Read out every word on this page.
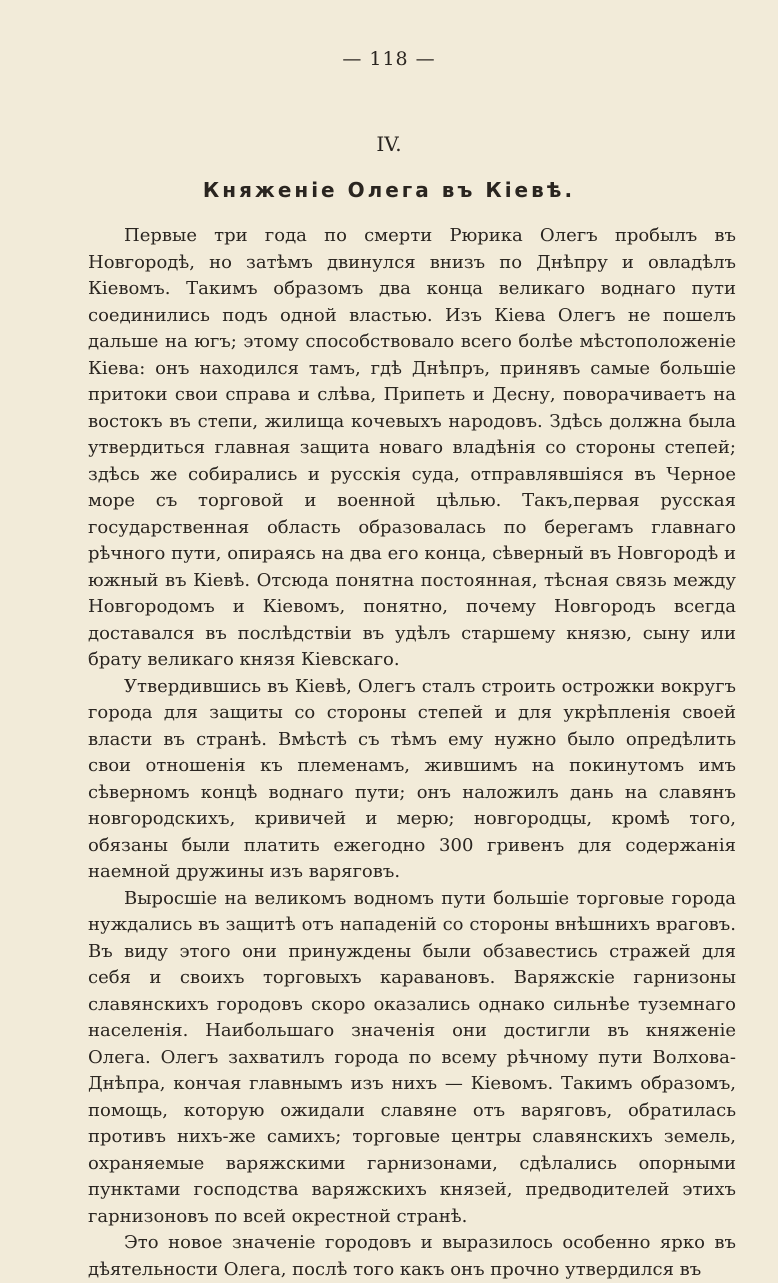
— 118 —
IV.
Княженіе Олега въ Кіевѣ.

Первые три года по смерти Рюрика Олегъ пробылъ въ Новгородѣ, но затѣмъ двинулся внизъ по Днѣпру и овладѣлъ Кіевомъ. Такимъ образомъ два конца великаго воднаго пути соединились подъ одной властью. Изъ Кіева Олегъ не пошелъ дальше на югъ; этому способствовало всего болѣе мѣстоположеніе Кіева: онъ находился тамъ, гдѣ Днѣпръ, принявъ самые большіе притоки свои справа и слѣва, Припеть и Десну, поворачиваетъ на востокъ въ степи, жилища кочевыхъ народовъ. Здѣсь должна была утвердиться главная защита новаго владѣнія со стороны степей; здѣсь же собирались и русскія суда, отправлявшіяся въ Черное море съ торговой и военной цѣлью. Такъ,первая русская государственная область образовалась по берегамъ главнаго рѣчного пути, опираясь на два его конца, сѣверный въ Новгородѣ и южный въ Кіевѣ. Отсюда понятна постоянная, тѣсная связь между Новгородомъ и Кіевомъ, понятно, почему Новгородъ всегда доставался въ послѣдствіи въ удѣлъ старшему князю, сыну или брату великаго князя Кіевскаго.

Утвердившись въ Кіевѣ, Олегъ сталъ строить острожки вокругъ города для защиты со стороны степей и для укрѣпленія своей власти въ странѣ. Вмѣстѣ съ тѣмъ ему нужно было опредѣлить свои отношенія къ племенамъ, жившимъ на покинутомъ имъ сѣверномъ концѣ воднаго пути; онъ наложилъ дань на славянъ новгородскихъ, кривичей и мерю; новгородцы, кромѣ того, обязаны были платить ежегодно 300 гривенъ для содержанія наемной дружины изъ варяговъ.

Выросшіе на великомъ водномъ пути большіе торговые города нуждались въ защитѣ отъ нападеній со стороны внѣшнихъ враговъ. Въ виду этого они принуждены были обзавестись стражей для себя и своихъ торговыхъ каравановъ. Варяжскіе гарнизоны славянскихъ городовъ скоро оказались однако сильнѣе туземнаго населенія. Наибольшаго значенія они достигли въ княженіе Олега. Олегъ захватилъ города по всему рѣчному пути Волхова-Днѣпра, кончая главнымъ изъ нихъ — Кіевомъ. Такимъ образомъ, помощь, которую ожидали славяне отъ варяговъ, обратилась противъ нихъ-же самихъ; торговые центры славянскихъ земель, охраняемые варяжскими гарнизонами, сдѣлались опорными пунктами господства варяжскихъ князей, предводителей этихъ гарнизоновъ по всей окрестной странѣ.

Это новое значеніе городовъ и выразилось особенно ярко въ дѣятельности Олега, послѣ того какъ онъ прочно утвердился въ
